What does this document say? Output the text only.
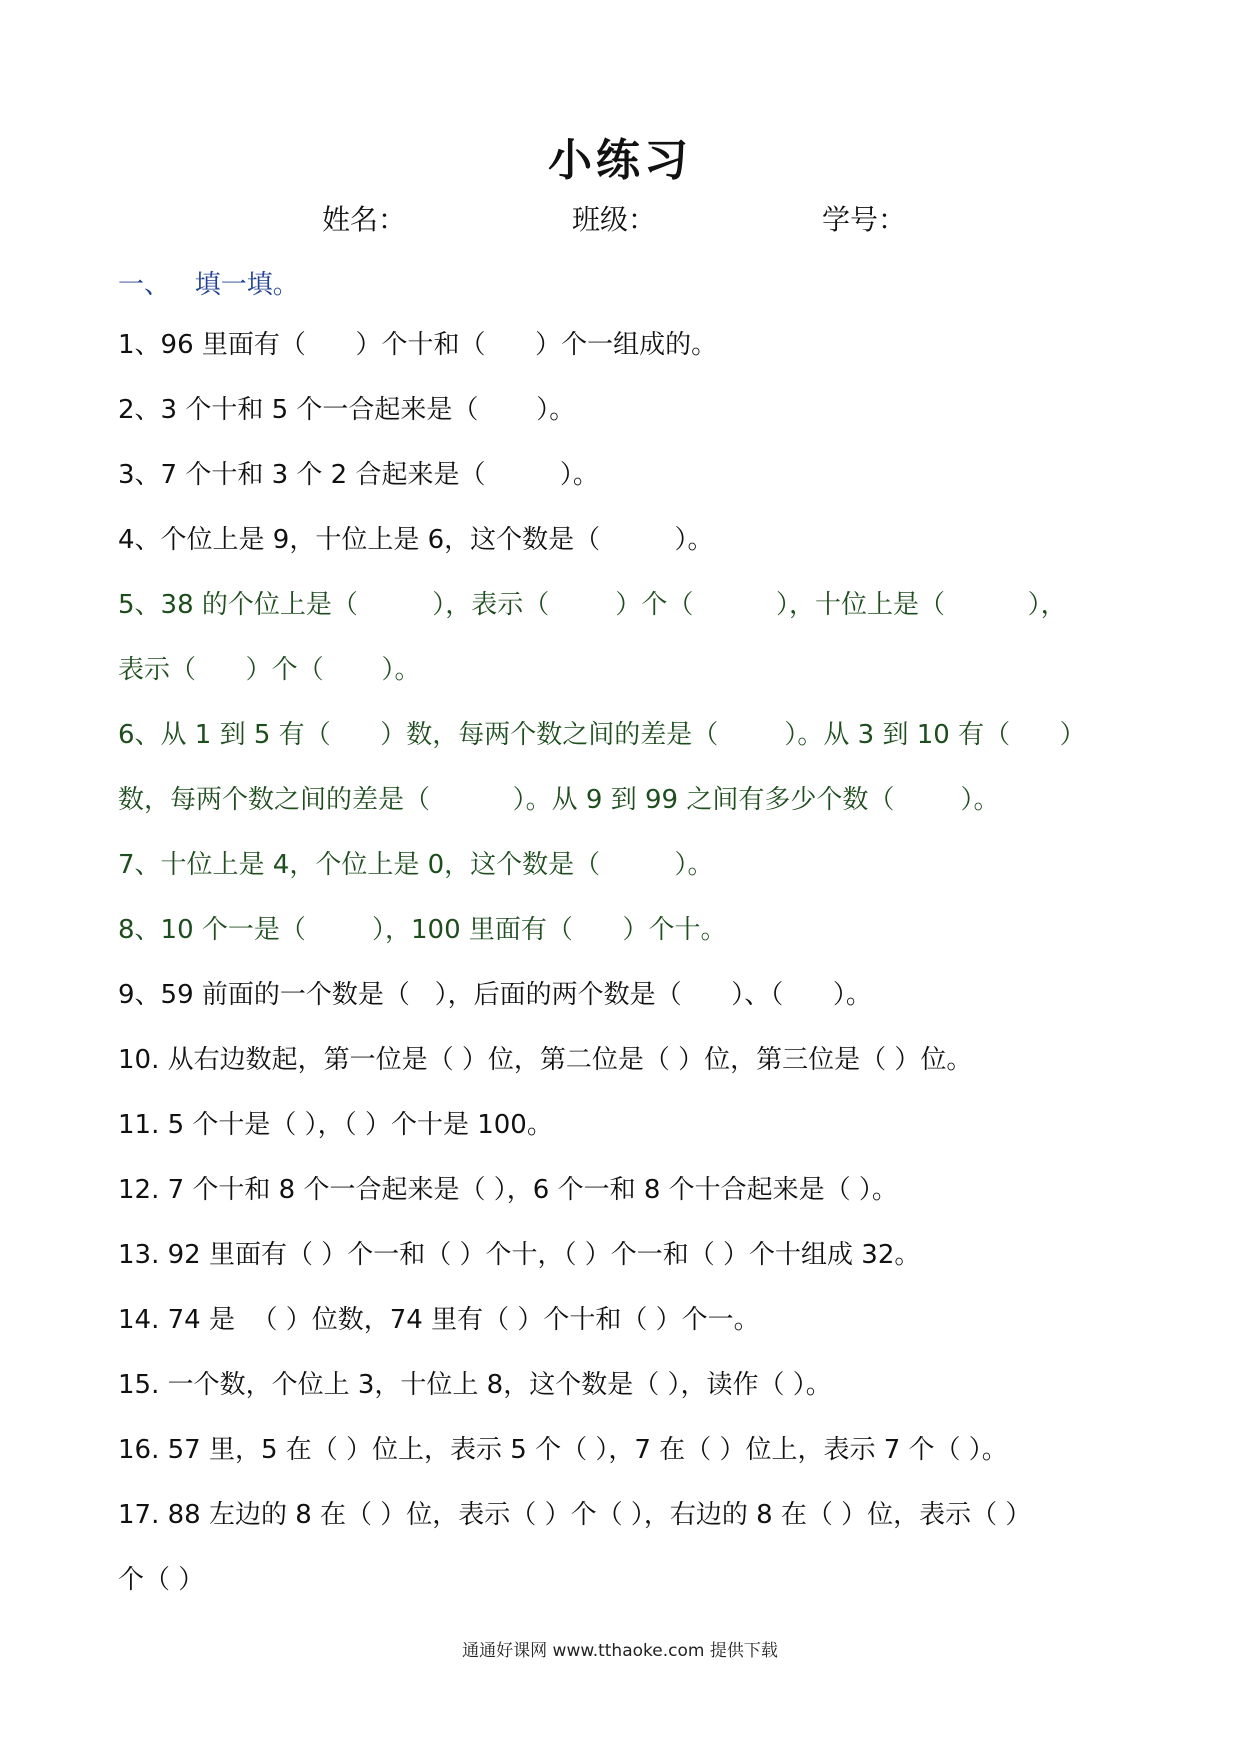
小练习
姓名：	班级：	学号：
一、   填一填。
1、96 里面有（      ）个十和（      ）个一组成的。
2、3 个十和 5 个一合起来是（       ）。
3、7 个十和 3 个 2 合起来是（         ）。
4、个位上是 9，十位上是 6，这个数是（         ）。
5、38 的个位上是（         ），表示（        ）个（          ），十位上是（          ），
表示（      ）个（       ）。
6、从 1 到 5 有（      ）数，每两个数之间的差是（        ）。从 3 到 10 有（      ）
数，每两个数之间的差是（          ）。从 9 到 99 之间有多少个数（        ）。
7、十位上是 4，个位上是 0，这个数是（         ）。
8、10 个一是（        ），100 里面有（      ）个十。
9、59 前面的一个数是（   ），后面的两个数是（      ）、（      ）。
10. 从右边数起，第一位是（ ）位，第二位是（ ）位，第三位是（ ）位。
11. 5 个十是（ ），（ ）个十是 100。
12. 7 个十和 8 个一合起来是（ ），6 个一和 8 个十合起来是（ ）。
13. 92 里面有（ ）个一和（ ）个十，（ ）个一和（ ）个十组成 32。
14. 74 是  （ ）位数，74 里有（ ）个十和（ ）个一。
15. 一个数，个位上 3，十位上 8，这个数是（ ），读作（ ）。
16. 57 里，5 在（ ）位上，表示 5 个（ ），7 在（ ）位上，表示 7 个（ ）。
17. 88 左边的 8 在（ ）位，表示（ ）个（ ），右边的 8 在（ ）位，表示（ ）
个（ ）
通通好课网 www.tthaoke.com 提供下载
